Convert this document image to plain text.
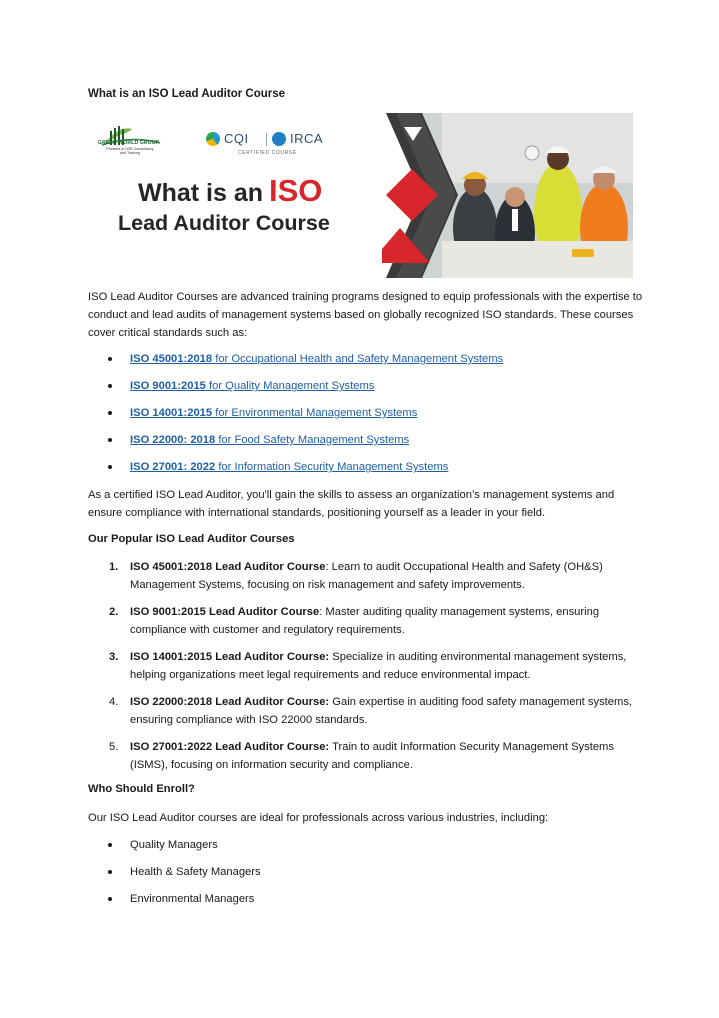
What is an ISO Lead Auditor Course
GREEN WORLD GROUP
Pioneers in HSE Consultancy and Training
CQI	IRCA
CERTIFIED COURSE
What is an ISO
Lead Auditor Course

ISO Lead Auditor Courses are advanced training programs designed to equip professionals with the expertise to conduct and lead audits of management systems based on globally recognized ISO standards. These courses cover critical standards such as:

ISO 45001:2018 for Occupational Health and Safety Management Systems
ISO 9001:2015 for Quality Management Systems
ISO 14001:2015 for Environmental Management Systems
ISO 22000: 2018 for Food Safety Management Systems
ISO 27001: 2022 for Information Security Management Systems

As a certified ISO Lead Auditor, you'll gain the skills to assess an organization’s management systems and ensure compliance with international standards, positioning yourself as a leader in your field.

Our Popular ISO Lead Auditor Courses
1. ISO 45001:2018 Lead Auditor Course: Learn to audit Occupational Health and Safety (OH&S) Management Systems, focusing on risk management and safety improvements.
2. ISO 9001:2015 Lead Auditor Course: Master auditing quality management systems, ensuring compliance with customer and regulatory requirements.
3. ISO 14001:2015 Lead Auditor Course: Specialize in auditing environmental management systems, helping organizations meet legal requirements and reduce environmental impact.
4. ISO 22000:2018 Lead Auditor Course: Gain expertise in auditing food safety management systems, ensuring compliance with ISO 22000 standards.
5. ISO 27001:2022 Lead Auditor Course: Train to audit Information Security Management Systems (ISMS), focusing on information security and compliance.
Who Should Enroll?

Our ISO Lead Auditor courses are ideal for professionals across various industries, including:

Quality Managers
Health & Safety Managers
Environmental Managers
